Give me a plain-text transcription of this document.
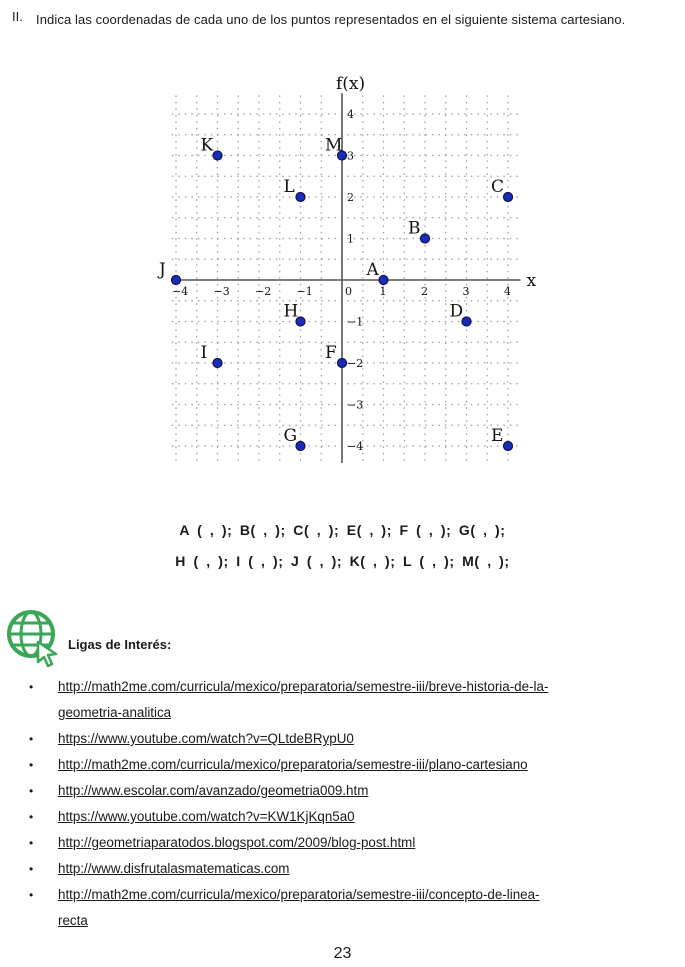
II. Indica las coordenadas de cada uno de los puntos representados en el siguiente sistema cartesiano.
x
f(x)
−4 −3 −2 −1	0	1	2	3	4
4
3
2
1
−1
−2
−3
−4
A
B
C
D
E
F
G
H
I
J
K
L
M
A ( , ); B( , ); C( , ); E( , ); F ( , ); G( , );
H ( , ); I ( , ); J ( , ); K( , ); L ( , ); M( , );
Ligas de Interés:
• http://math2me.com/curricula/mexico/preparatoria/semestre-iii/breve-historia-de-la-
geometria-analitica
• https://www.youtube.com/watch?v=QLtdeBRypU0
• http://math2me.com/curricula/mexico/preparatoria/semestre-iii/plano-cartesiano
• http://www.escolar.com/avanzado/geometria009.htm
• https://www.youtube.com/watch?v=KW1KjKqn5a0
• http://geometriaparatodos.blogspot.com/2009/blog-post.html
• http://www.disfrutalasmatematicas.com
• http://math2me.com/curricula/mexico/preparatoria/semestre-iii/concepto-de-linea-
recta
23
